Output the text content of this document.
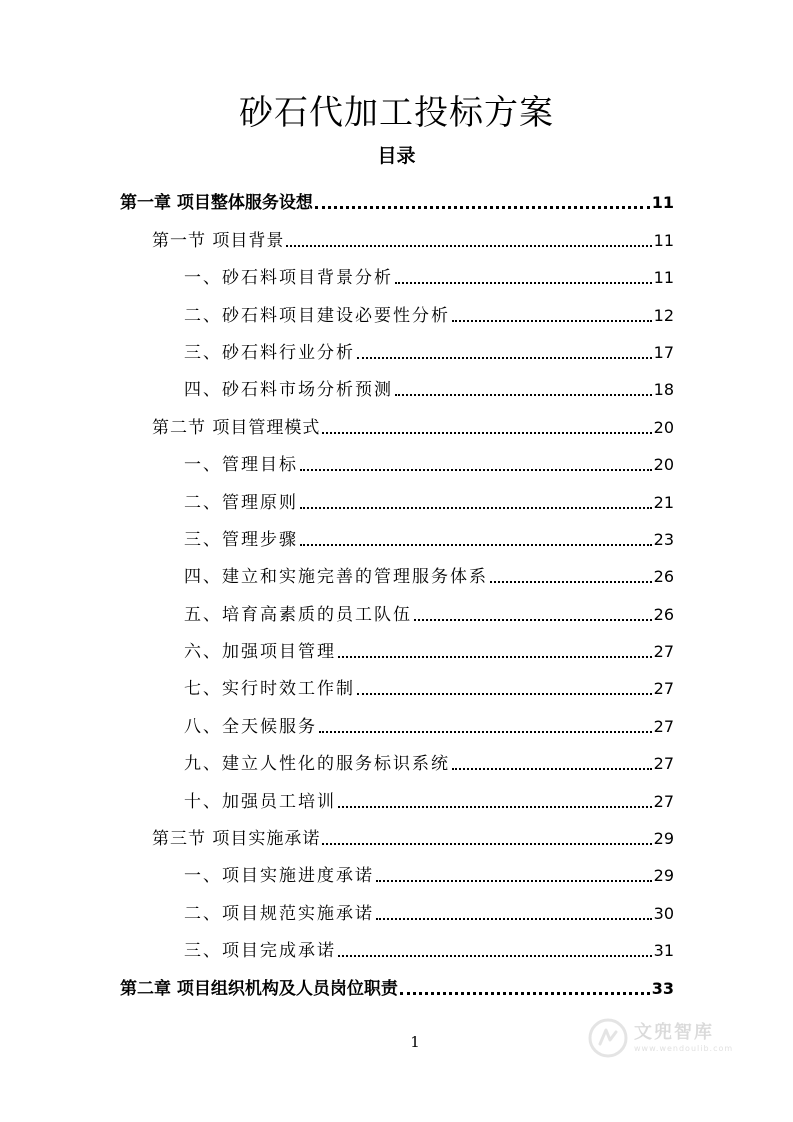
砂石代加工投标方案
目录
第一章 项目整体服务设想	11
第一节 项目背景	11
一、砂石料项目背景分析	11
二、砂石料项目建设必要性分析	12
三、砂石料行业分析	17
四、砂石料市场分析预测	18
第二节 项目管理模式	20
一、管理目标	20
二、管理原则	21
三、管理步骤	23
四、建立和实施完善的管理服务体系	26
五、培育高素质的员工队伍	26
六、加强项目管理	27
七、实行时效工作制	27
八、全天候服务	27
九、建立人性化的服务标识系统	27
十、加强员工培训	27
第三节 项目实施承诺	29
一、项目实施进度承诺	29
二、项目规范实施承诺	30
三、项目完成承诺	31
第二章 项目组织机构及人员岗位职责	33
1	文兜智库
www.wendoulib.com
